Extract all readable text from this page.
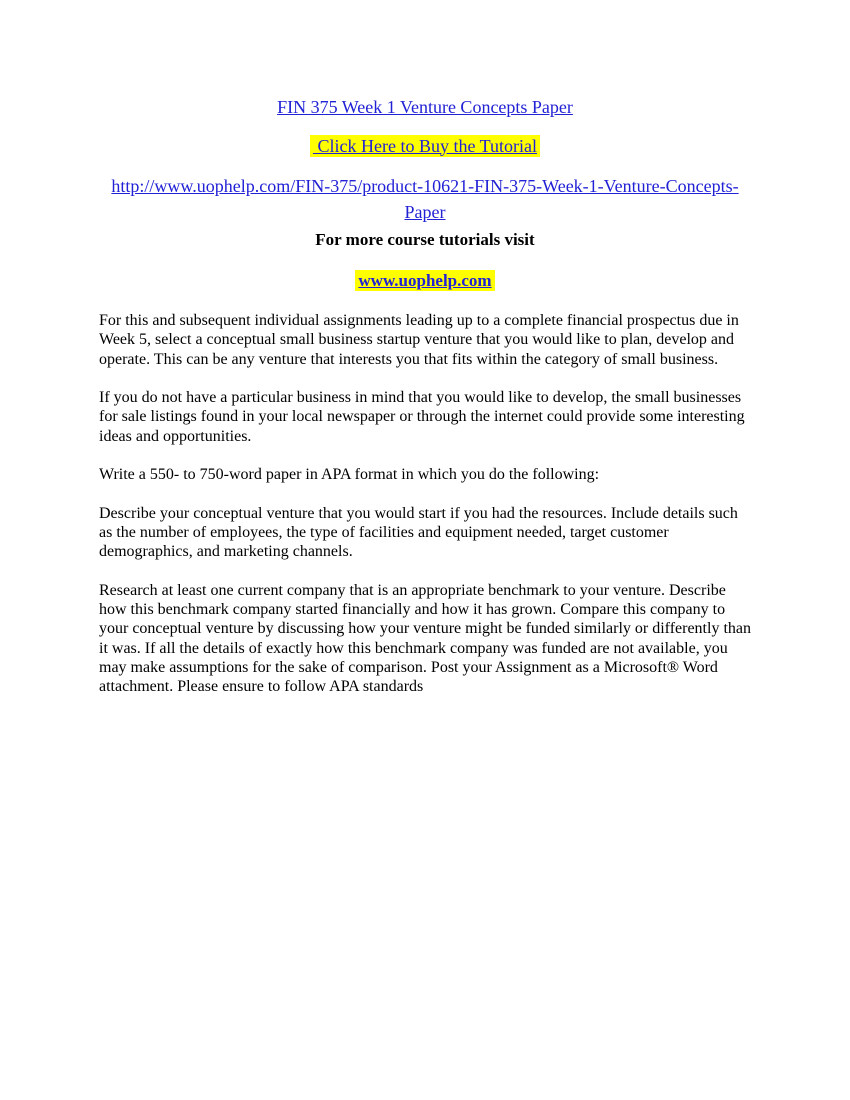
FIN 375 Week 1 Venture Concepts Paper

Click Here to Buy the Tutorial

http://www.uophelp.com/FIN-375/product-10621-FIN-375-Week-1-Venture-Concepts-Paper

For more course tutorials visit

www.uophelp.com

For this and subsequent individual assignments leading up to a complete financial prospectus due in Week 5, select a conceptual small business startup venture that you would like to plan, develop and operate. This can be any venture that interests you that fits within the category of small business.

If you do not have a particular business in mind that you would like to develop, the small businesses for sale listings found in your local newspaper or through the internet could provide some interesting ideas and opportunities.

Write a 550- to 750-word paper in APA format in which you do the following:

Describe your conceptual venture that you would start if you had the resources. Include details such as the number of employees, the type of facilities and equipment needed, target customer demographics, and marketing channels.

Research at least one current company that is an appropriate benchmark to your venture. Describe how this benchmark company started financially and how it has grown. Compare this company to your conceptual venture by discussing how your venture might be funded similarly or differently than it was. If all the details of exactly how this benchmark company was funded are not available, you may make assumptions for the sake of comparison. Post your Assignment as a Microsoft® Word attachment. Please ensure to follow APA standards
